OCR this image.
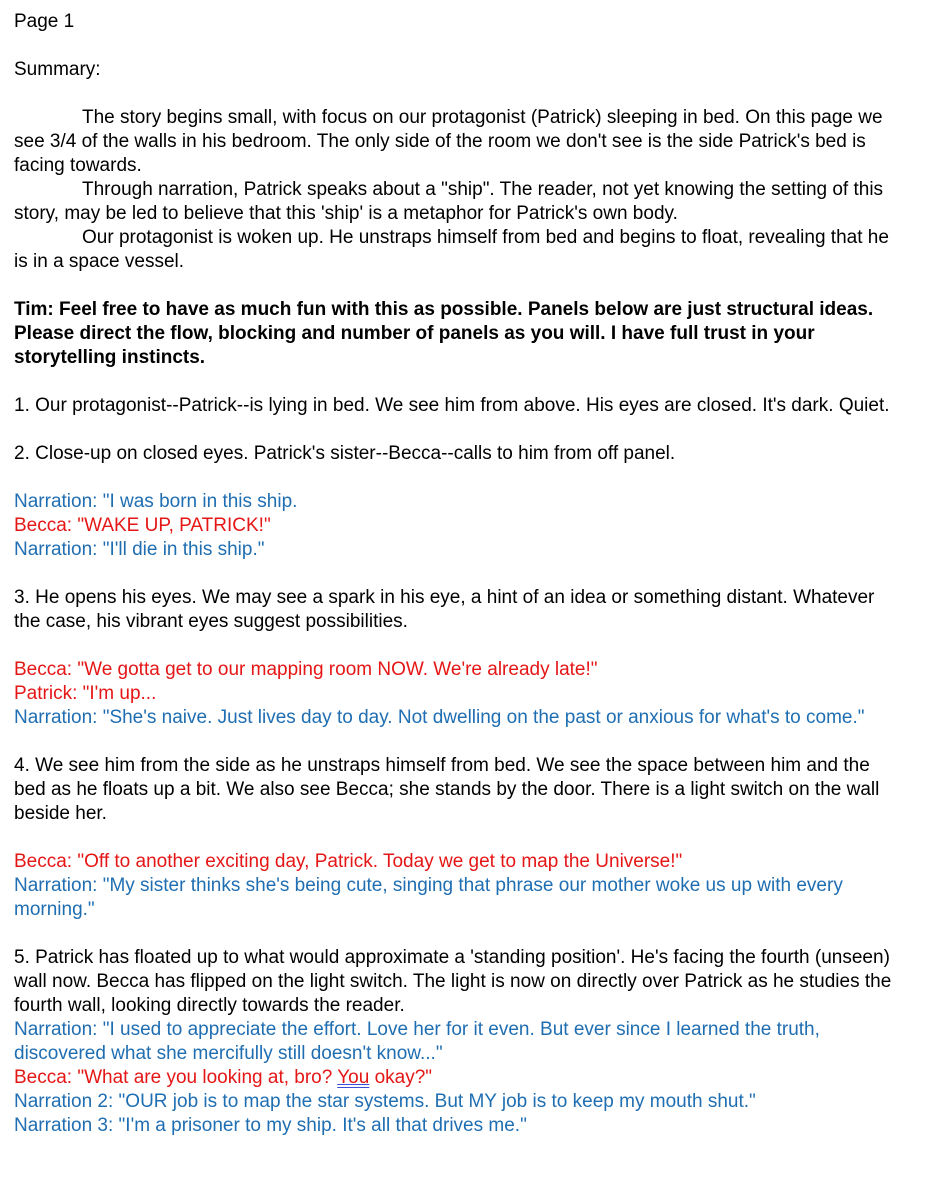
Page 1

Summary:

The story begins small, with focus on our protagonist (Patrick) sleeping in bed. On this page we see 3/4 of the walls in his bedroom. The only side of the room we don't see is the side Patrick's bed is facing towards.

Through narration, Patrick speaks about a "ship". The reader, not yet knowing the setting of this story, may be led to believe that this 'ship' is a metaphor for Patrick's own body.

Our protagonist is woken up. He unstraps himself from bed and begins to float, revealing that he is in a space vessel.

Tim: Feel free to have as much fun with this as possible. Panels below are just structural ideas. Please direct the flow, blocking and number of panels as you will. I have full trust in your storytelling instincts.

1. Our protagonist--Patrick--is lying in bed. We see him from above. His eyes are closed. It's dark. Quiet.

2. Close-up on closed eyes. Patrick's sister--Becca--calls to him from off panel.

Narration: "I was born in this ship.

Becca: "WAKE UP, PATRICK!"

Narration: "I'll die in this ship."

3. He opens his eyes. We may see a spark in his eye, a hint of an idea or something distant. Whatever the case, his vibrant eyes suggest possibilities.

Becca: "We gotta get to our mapping room NOW. We're already late!"

Patrick: "I'm up...

Narration: "She's naive. Just lives day to day. Not dwelling on the past or anxious for what's to come."

4. We see him from the side as he unstraps himself from bed. We see the space between him and the bed as he floats up a bit. We also see Becca; she stands by the door. There is a light switch on the wall beside her.

Becca: "Off to another exciting day, Patrick. Today we get to map the Universe!"

Narration: "My sister thinks she's being cute, singing that phrase our mother woke us up with every morning."

5. Patrick has floated up to what would approximate a 'standing position'. He's facing the fourth (unseen) wall now. Becca has flipped on the light switch. The light is now on directly over Patrick as he studies the fourth wall, looking directly towards the reader.

Narration: "I used to appreciate the effort. Love her for it even. But ever since I learned the truth, discovered what she mercifully still doesn't know..."

Becca: "What are you looking at, bro? You okay?"

Narration 2: "OUR job is to map the star systems. But MY job is to keep my mouth shut."

Narration 3: "I'm a prisoner to my ship. It's all that drives me."
